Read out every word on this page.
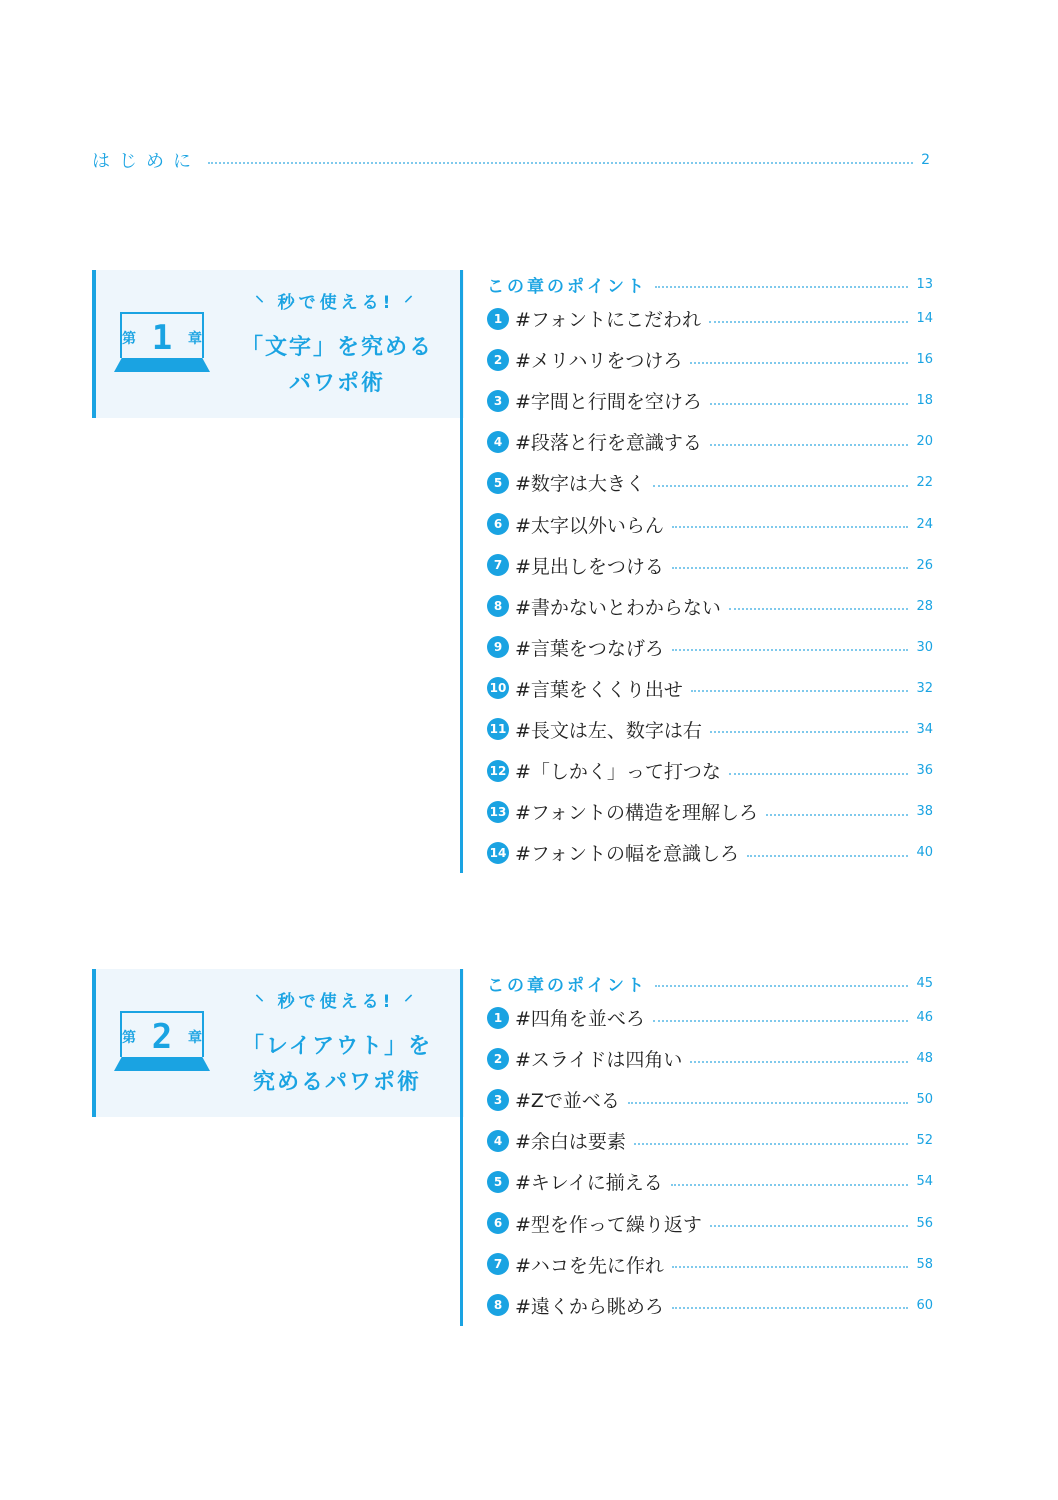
はじめに	2
第 1 章
⸌ 秒で使える! ⸍
「文字」を究める
パワポ術
この章のポイント	13
1 #フォントにこだわれ	14
2 #メリハリをつけろ	16
3 #字間と行間を空けろ	18
4 #段落と行を意識する	20
5 #数字は大きく	22
6 #太字以外いらん	24
7 #見出しをつける	26
8 #書かないとわからない	28
9 #言葉をつなげろ	30
10 #言葉をくくり出せ	32
11 #長文は左、数字は右	34
12 #「しかく」って打つな	36
13 #フォントの構造を理解しろ	38
14 #フォントの幅を意識しろ	40
第 2 章
⸌ 秒で使える! ⸍
「レイアウト」を
究めるパワポ術
この章のポイント	45
1 #四角を並べろ	46
2 #スライドは四角い	48
3 #Zで並べる	50
4 #余白は要素	52
5 #キレイに揃える	54
6 #型を作って繰り返す	56
7 #ハコを先に作れ	58
8 #遠くから眺めろ	60
